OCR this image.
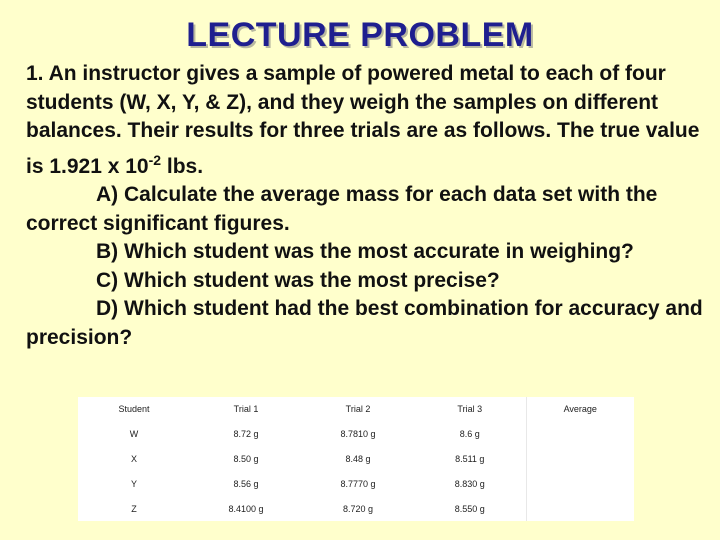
LECTURE PROBLEM

1. An instructor gives a sample of powered metal to each of four students (W, X, Y, & Z), and they weigh the samples on different balances. Their results for three trials are as follows. The true value is 1.921 x $10^{-2}$ lbs.

A) Calculate the average mass for each data set with the correct significant figures.

B) Which student was the most accurate in weighing?

C) Which student was the most precise?

D) Which student had the best combination for accuracy and precision?

Student	Trial 1	Trial 2	Trial 3	Average
W	8.72 g	8.7810 g	8.6 g	
X	8.50 g	8.48 g	8.511 g	
Y	8.56 g	8.7770 g	8.830 g	
Z	8.4100 g	8.720 g	8.550 g	
